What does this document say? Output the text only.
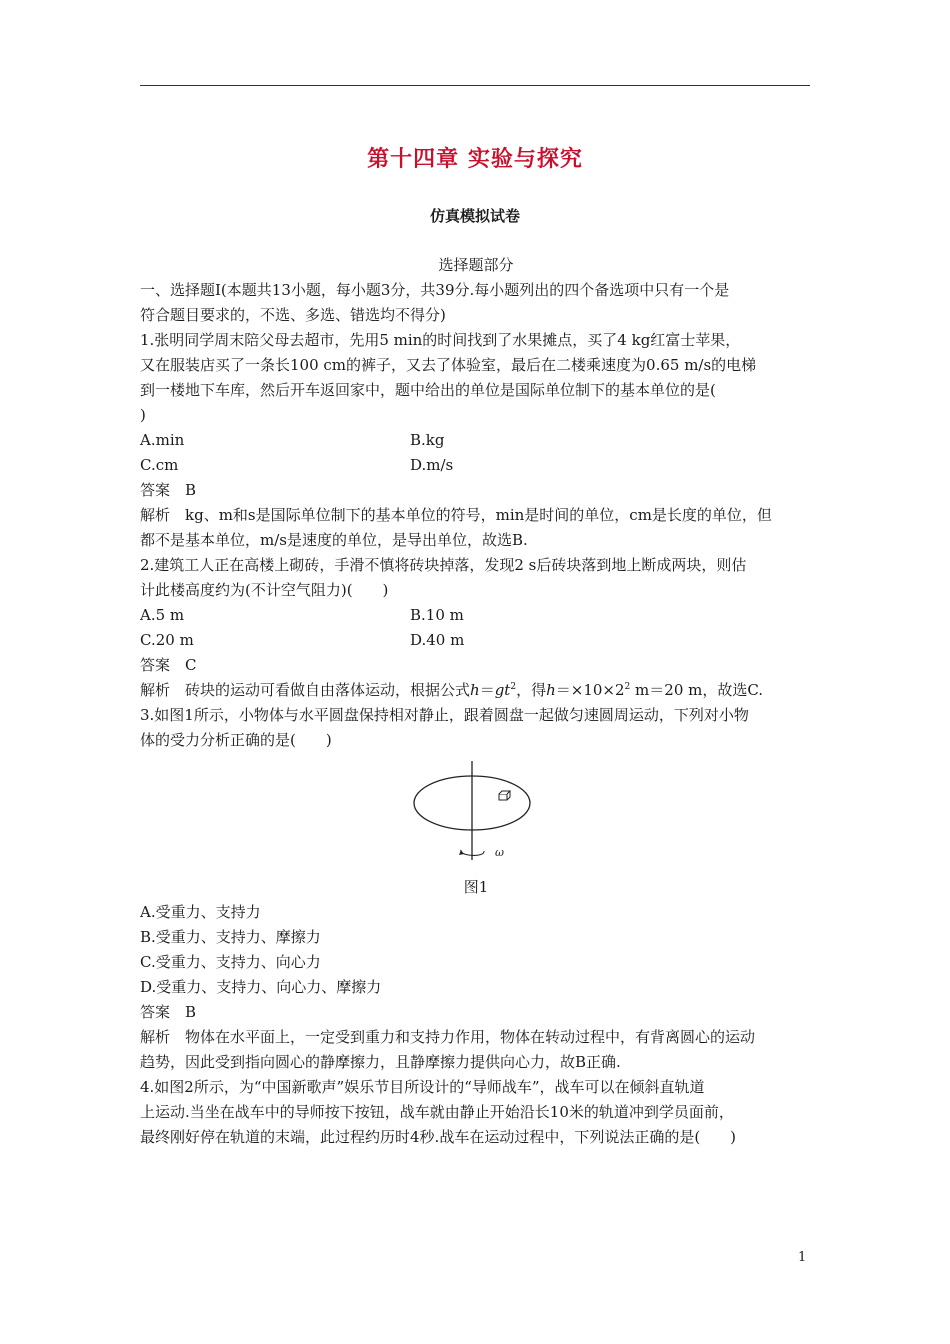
第十四章 实验与探究
仿真模拟试卷
选择题部分
一、选择题Ⅰ(本题共13小题，每小题3分，共39分.每小题列出的四个备选项中只有一个是
符合题目要求的，不选、多选、错选均不得分)
1.张明同学周末陪父母去超市，先用5 min的时间找到了水果摊点，买了4 kg红富士苹果，
又在服装店买了一条长100 cm的裤子，又去了体验室，最后在二楼乘速度为0.65 m/s的电梯
到一楼地下车库，然后开车返回家中，题中给出的单位是国际单位制下的基本单位的是(
)
A.min	B.kg
C.cm	D.m/s
答案　B
解析　kg、m和s是国际单位制下的基本单位的符号，min是时间的单位，cm是长度的单位，但
都不是基本单位，m/s是速度的单位，是导出单位，故选B.
2.建筑工人正在高楼上砌砖，手滑不慎将砖块掉落，发现2 s后砖块落到地上断成两块，则估
计此楼高度约为(不计空气阻力)(　　)
A.5 m	B.10 m
C.20 m	D.40 m
答案　C
解析　砖块的运动可看做自由落体运动，根据公式$h=gt^2$，得$h=\times 10\times 2^2$ m＝20 m，故选C.
3.如图1所示，小物体与水平圆盘保持相对静止，跟着圆盘一起做匀速圆周运动，下列对小物
体的受力分析正确的是(　　)
ω
图1
A.受重力、支持力
B.受重力、支持力、摩擦力
C.受重力、支持力、向心力
D.受重力、支持力、向心力、摩擦力
答案　B
解析　物体在水平面上，一定受到重力和支持力作用，物体在转动过程中，有背离圆心的运动
趋势，因此受到指向圆心的静摩擦力，且静摩擦力提供向心力，故B正确.
4.如图2所示，为“中国新歌声”娱乐节目所设计的“导师战车”，战车可以在倾斜直轨道
上运动.当坐在战车中的导师按下按钮，战车就由静止开始沿长10米的轨道冲到学员面前，
最终刚好停在轨道的末端，此过程约历时4秒.战车在运动过程中，下列说法正确的是(　　)
1
